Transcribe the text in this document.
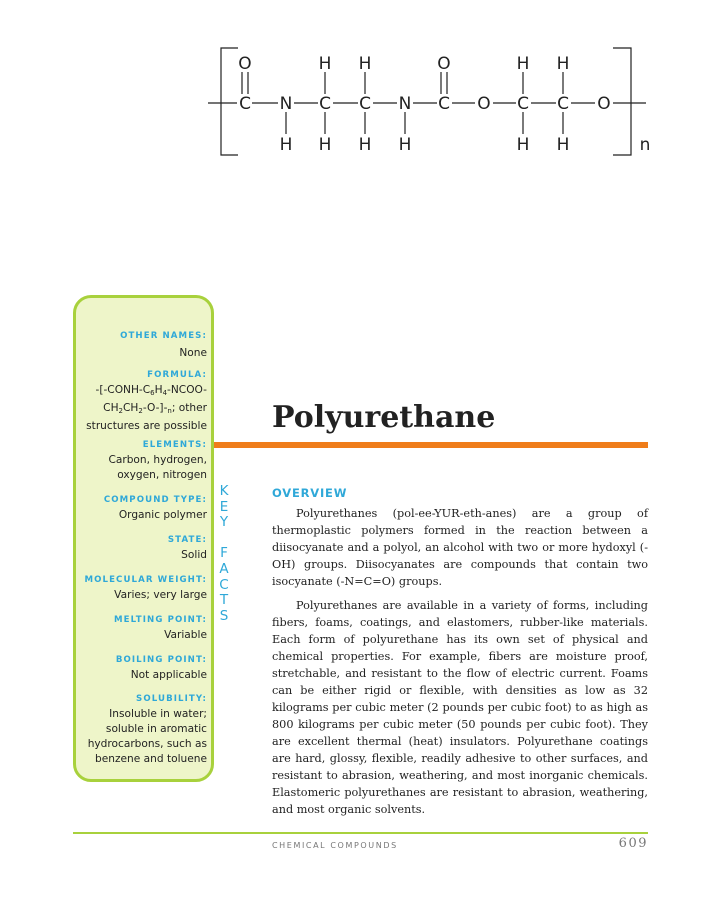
O	H H	O	H H
C N C C N C O C C O
H H H H	H H	n
OTHER NAMES:
None
FORMULA:
$-[-CONH-C_6H_4-NCOO-$
$CH_2CH_2-O-]-_n$; other
structures are possible
ELEMENTS:
Carbon, hydrogen,
oxygen, nitrogen
COMPOUND TYPE:
Organic polymer
STATE:
Solid
MOLECULAR WEIGHT:
Varies; very large
MELTING POINT:
Variable
BOILING POINT:
Not applicable
SOLUBILITY:
Insoluble in water;
soluble in aromatic
hydrocarbons, such as
benzene and toluene
K
E
Y

F
A
C
T
S
Polyurethane
OVERVIEW

Polyurethanes (pol-ee-YUR-eth-anes) are a group of thermoplastic polymers formed in the reaction between a diisocyanate and a polyol, an alcohol with two or more hydoxyl (-OH) groups. Diisocyanates are compounds that contain two isocyanate (-N=C=O) groups.

Polyurethanes are available in a variety of forms, including fibers, foams, coatings, and elastomers, rubber-like materials. Each form of polyurethane has its own set of physical and chemical properties. For example, fibers are moisture proof, stretchable, and resistant to the flow of electric current. Foams can be either rigid or flexible, with densities as low as 32 kilograms per cubic meter (2 pounds per cubic foot) to as high as 800 kilograms per cubic meter (50 pounds per cubic foot). They are excellent thermal (heat) insulators. Polyurethane coatings are hard, glossy, flexible, readily adhesive to other surfaces, and resistant to abrasion, weathering, and most inorganic chemicals. Elastomeric polyurethanes are resistant to abrasion, weathering, and most organic solvents.

CHEMICAL COMPOUNDS	609
